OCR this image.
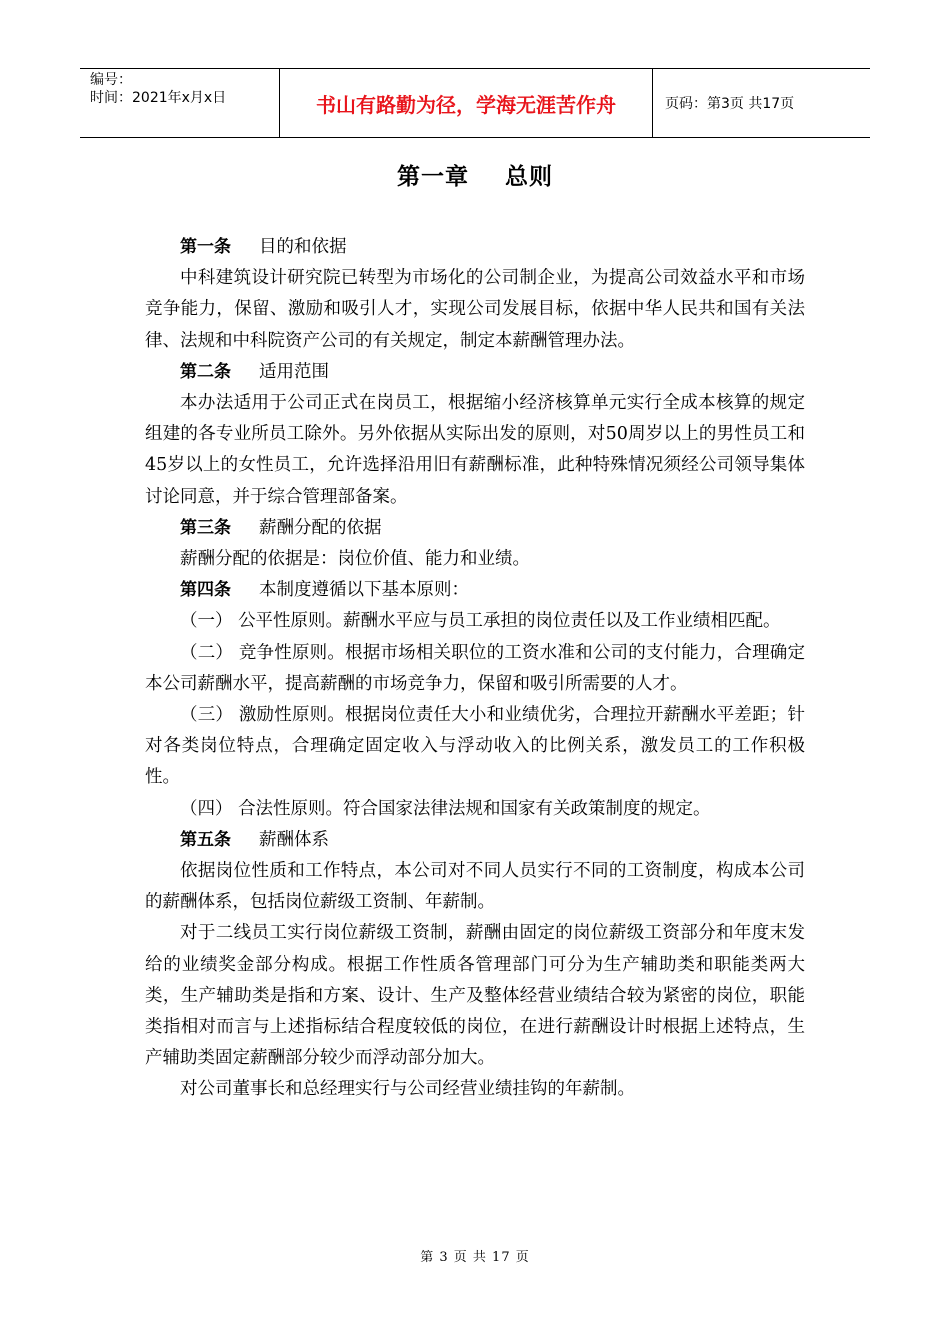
编号：
时间：2021年x月x日	书山有路勤为径，学海无涯苦作舟	页码：第3页 共17页
第一章    总则
第一条 目的和依据

中科建筑设计研究院已转型为市场化的公司制企业，为提高公司效益水平和市场竞争能力，保留、激励和吸引人才，实现公司发展目标，依据中华人民共和国有关法律、法规和中科院资产公司的有关规定，制定本薪酬管理办法。

第二条 适用范围

本办法适用于公司正式在岗员工，根据缩小经济核算单元实行全成本核算的规定组建的各专业所员工除外。另外依据从实际出发的原则，对50周岁以上的男性员工和45岁以上的女性员工，允许选择沿用旧有薪酬标准，此种特殊情况须经公司领导集体讨论同意，并于综合管理部备案。

第三条 薪酬分配的依据

薪酬分配的依据是：岗位价值、能力和业绩。

第四条 本制度遵循以下基本原则：

（一） 公平性原则。薪酬水平应与员工承担的岗位责任以及工作业绩相匹配。

（二） 竞争性原则。根据市场相关职位的工资水准和公司的支付能力，合理确定本公司薪酬水平，提高薪酬的市场竞争力，保留和吸引所需要的人才。

（三） 激励性原则。根据岗位责任大小和业绩优劣，合理拉开薪酬水平差距；针对各类岗位特点，合理确定固定收入与浮动收入的比例关系，激发员工的工作积极性。

（四） 合法性原则。符合国家法律法规和国家有关政策制度的规定。

第五条 薪酬体系

依据岗位性质和工作特点，本公司对不同人员实行不同的工资制度，构成本公司的薪酬体系，包括岗位薪级工资制、年薪制。

对于二线员工实行岗位薪级工资制，薪酬由固定的岗位薪级工资部分和年度末发给的业绩奖金部分构成。根据工作性质各管理部门可分为生产辅助类和职能类两大类，生产辅助类是指和方案、设计、生产及整体经营业绩结合较为紧密的岗位，职能类指相对而言与上述指标结合程度较低的岗位，在进行薪酬设计时根据上述特点，生产辅助类固定薪酬部分较少而浮动部分加大。

对公司董事长和总经理实行与公司经营业绩挂钩的年薪制。

第 3 页 共 17 页
